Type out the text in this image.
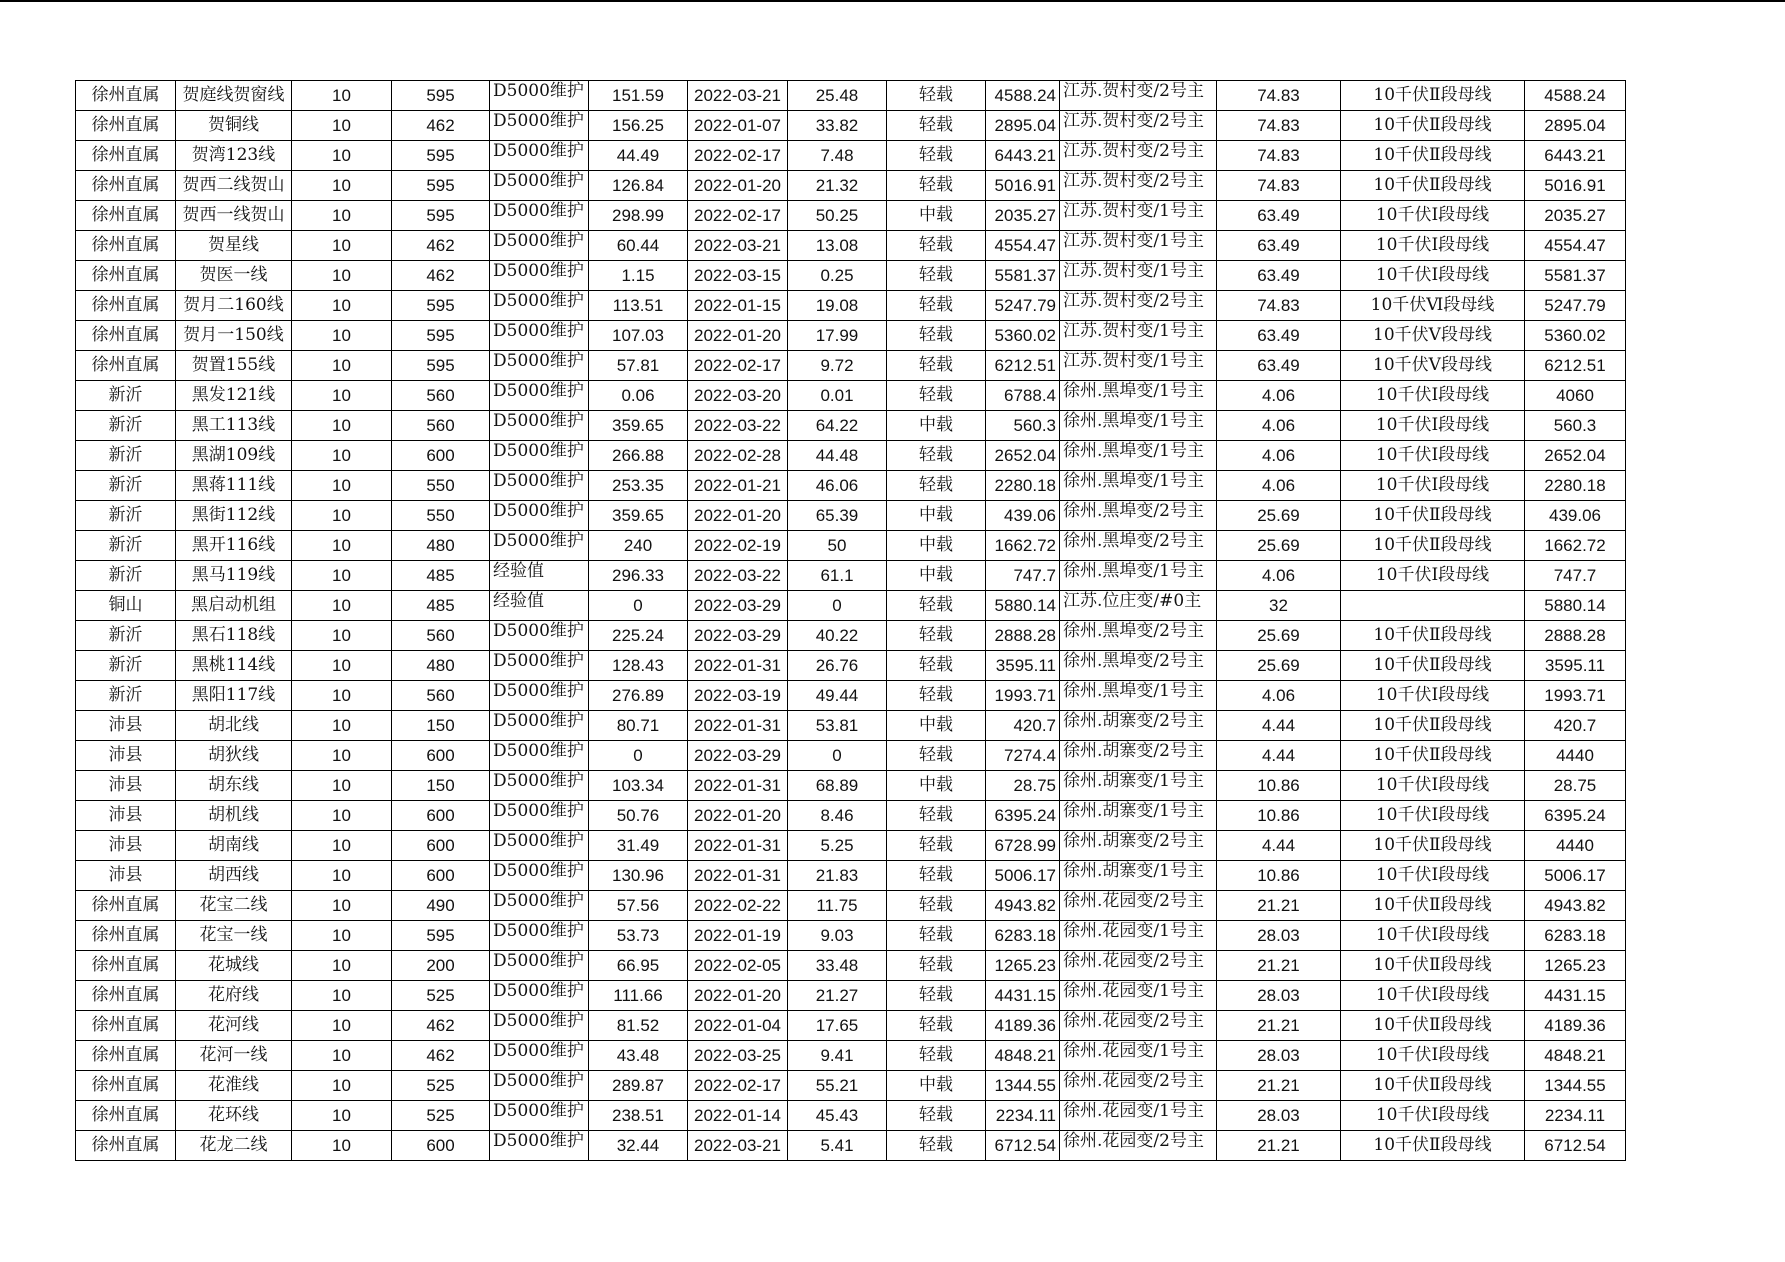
徐州直属	贺庭线贺窗线	10	595	D5000维护	151.59	2022-03-21	25.48	轻载	4588.24	江苏.贺村变/2号主	74.83	10千伏Ⅱ段母线	4588.24
徐州直属	贺铜线	10	462	D5000维护	156.25	2022-01-07	33.82	轻载	2895.04	江苏.贺村变/2号主	74.83	10千伏Ⅱ段母线	2895.04
徐州直属	贺湾123线	10	595	D5000维护	44.49	2022-02-17	7.48	轻载	6443.21	江苏.贺村变/2号主	74.83	10千伏Ⅱ段母线	6443.21
徐州直属	贺西二线贺山	10	595	D5000维护	126.84	2022-01-20	21.32	轻载	5016.91	江苏.贺村变/2号主	74.83	10千伏Ⅱ段母线	5016.91
徐州直属	贺西一线贺山	10	595	D5000维护	298.99	2022-02-17	50.25	中载	2035.27	江苏.贺村变/1号主	63.49	10千伏Ⅰ段母线	2035.27
徐州直属	贺星线	10	462	D5000维护	60.44	2022-03-21	13.08	轻载	4554.47	江苏.贺村变/1号主	63.49	10千伏Ⅰ段母线	4554.47
徐州直属	贺医一线	10	462	D5000维护	1.15	2022-03-15	0.25	轻载	5581.37	江苏.贺村变/1号主	63.49	10千伏Ⅰ段母线	5581.37
徐州直属	贺月二160线	10	595	D5000维护	113.51	2022-01-15	19.08	轻载	5247.79	江苏.贺村变/2号主	74.83	10千伏Ⅵ段母线	5247.79
徐州直属	贺月一150线	10	595	D5000维护	107.03	2022-01-20	17.99	轻载	5360.02	江苏.贺村变/1号主	63.49	10千伏Ⅴ段母线	5360.02
徐州直属	贺置155线	10	595	D5000维护	57.81	2022-02-17	9.72	轻载	6212.51	江苏.贺村变/1号主	63.49	10千伏Ⅴ段母线	6212.51
新沂	黑发121线	10	560	D5000维护	0.06	2022-03-20	0.01	轻载	6788.4	徐州.黑埠变/1号主	4.06	10千伏Ⅰ段母线	4060
新沂	黑工113线	10	560	D5000维护	359.65	2022-03-22	64.22	中载	560.3	徐州.黑埠变/1号主	4.06	10千伏Ⅰ段母线	560.3
新沂	黑湖109线	10	600	D5000维护	266.88	2022-02-28	44.48	轻载	2652.04	徐州.黑埠变/1号主	4.06	10千伏Ⅰ段母线	2652.04
新沂	黑蒋111线	10	550	D5000维护	253.35	2022-01-21	46.06	轻载	2280.18	徐州.黑埠变/1号主	4.06	10千伏Ⅰ段母线	2280.18
新沂	黑街112线	10	550	D5000维护	359.65	2022-01-20	65.39	中载	439.06	徐州.黑埠变/2号主	25.69	10千伏Ⅱ段母线	439.06
新沂	黑开116线	10	480	D5000维护	240	2022-02-19	50	中载	1662.72	徐州.黑埠变/2号主	25.69	10千伏Ⅱ段母线	1662.72
新沂	黑马119线	10	485	经验值	296.33	2022-03-22	61.1	中载	747.7	徐州.黑埠变/1号主	4.06	10千伏Ⅰ段母线	747.7
铜山	黑启动机组	10	485	经验值	0	2022-03-29	0	轻载	5880.14	江苏.位庄变/#0主	32		5880.14
新沂	黑石118线	10	560	D5000维护	225.24	2022-03-29	40.22	轻载	2888.28	徐州.黑埠变/2号主	25.69	10千伏Ⅱ段母线	2888.28
新沂	黑桃114线	10	480	D5000维护	128.43	2022-01-31	26.76	轻载	3595.11	徐州.黑埠变/2号主	25.69	10千伏Ⅱ段母线	3595.11
新沂	黑阳117线	10	560	D5000维护	276.89	2022-03-19	49.44	轻载	1993.71	徐州.黑埠变/1号主	4.06	10千伏Ⅰ段母线	1993.71
沛县	胡北线	10	150	D5000维护	80.71	2022-01-31	53.81	中载	420.7	徐州.胡寨变/2号主	4.44	10千伏Ⅱ段母线	420.7
沛县	胡狄线	10	600	D5000维护	0	2022-03-29	0	轻载	7274.4	徐州.胡寨变/2号主	4.44	10千伏Ⅱ段母线	4440
沛县	胡东线	10	150	D5000维护	103.34	2022-01-31	68.89	中载	28.75	徐州.胡寨变/1号主	10.86	10千伏Ⅰ段母线	28.75
沛县	胡机线	10	600	D5000维护	50.76	2022-01-20	8.46	轻载	6395.24	徐州.胡寨变/1号主	10.86	10千伏Ⅰ段母线	6395.24
沛县	胡南线	10	600	D5000维护	31.49	2022-01-31	5.25	轻载	6728.99	徐州.胡寨变/2号主	4.44	10千伏Ⅱ段母线	4440
沛县	胡西线	10	600	D5000维护	130.96	2022-01-31	21.83	轻载	5006.17	徐州.胡寨变/1号主	10.86	10千伏Ⅰ段母线	5006.17
徐州直属	花宝二线	10	490	D5000维护	57.56	2022-02-22	11.75	轻载	4943.82	徐州.花园变/2号主	21.21	10千伏Ⅱ段母线	4943.82
徐州直属	花宝一线	10	595	D5000维护	53.73	2022-01-19	9.03	轻载	6283.18	徐州.花园变/1号主	28.03	10千伏Ⅰ段母线	6283.18
徐州直属	花城线	10	200	D5000维护	66.95	2022-02-05	33.48	轻载	1265.23	徐州.花园变/2号主	21.21	10千伏Ⅱ段母线	1265.23
徐州直属	花府线	10	525	D5000维护	111.66	2022-01-20	21.27	轻载	4431.15	徐州.花园变/1号主	28.03	10千伏Ⅰ段母线	4431.15
徐州直属	花河线	10	462	D5000维护	81.52	2022-01-04	17.65	轻载	4189.36	徐州.花园变/2号主	21.21	10千伏Ⅱ段母线	4189.36
徐州直属	花河一线	10	462	D5000维护	43.48	2022-03-25	9.41	轻载	4848.21	徐州.花园变/1号主	28.03	10千伏Ⅰ段母线	4848.21
徐州直属	花淮线	10	525	D5000维护	289.87	2022-02-17	55.21	中载	1344.55	徐州.花园变/2号主	21.21	10千伏Ⅱ段母线	1344.55
徐州直属	花环线	10	525	D5000维护	238.51	2022-01-14	45.43	轻载	2234.11	徐州.花园变/1号主	28.03	10千伏Ⅰ段母线	2234.11
徐州直属	花龙二线	10	600	D5000维护	32.44	2022-03-21	5.41	轻载	6712.54	徐州.花园变/2号主	21.21	10千伏Ⅱ段母线	6712.54
